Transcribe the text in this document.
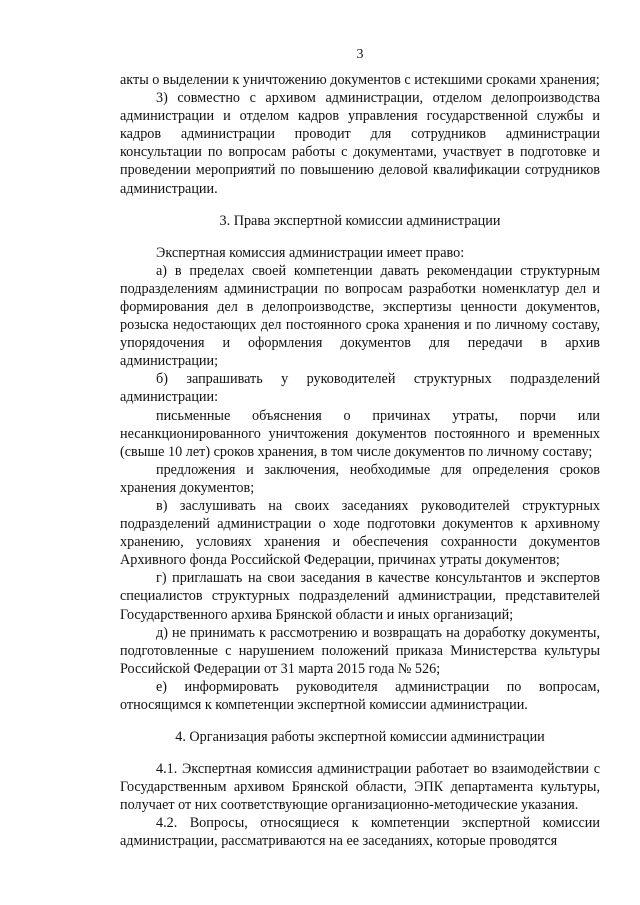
3

акты о выделении к уничтожению документов с истекшими сроками хранения;

3) совместно с архивом администрации, отделом делопроизводства администрации и отделом кадров управления государственной службы и кадров администрации проводит для сотрудников администрации консультации по вопросам работы с документами, участвует в подготовке и проведении мероприятий по повышению деловой квалификации сотрудников администрации.

3. Права экспертной комиссии администрации

Экспертная комиссия администрации имеет право:

а) в пределах своей компетенции давать рекомендации структурным подразделениям администрации по вопросам разработки номенклатур дел и формирования дел в делопроизводстве, экспертизы ценности документов, розыска недостающих дел постоянного срока хранения и по личному составу, упорядочения и оформления документов для передачи в архив администрации;

б) запрашивать у руководителей структурных подразделений администрации:

письменные объяснения о причинах утраты, порчи или несанкционированного уничтожения документов постоянного и временных (свыше 10 лет) сроков хранения, в том числе документов по личному составу;

предложения и заключения, необходимые для определения сроков хранения документов;

в) заслушивать на своих заседаниях руководителей структурных подразделений администрации о ходе подготовки документов к архивному хранению, условиях хранения и обеспечения сохранности документов Архивного фонда Российской Федерации, причинах утраты документов;

г) приглашать на свои заседания в качестве консультантов и экспертов специалистов структурных подразделений администрации, представителей Государственного архива Брянской области и иных организаций;

д) не принимать к рассмотрению и возвращать на доработку документы, подготовленные с нарушением положений приказа Министерства культуры Российской Федерации от 31 марта 2015 года № 526;

е) информировать руководителя администрации по вопросам, относящимся к компетенции экспертной комиссии администрации.

4. Организация работы экспертной комиссии администрации

4.1. Экспертная комиссия администрации работает во взаимодействии с Государственным архивом Брянской области, ЭПК департамента культуры, получает от них соответствующие организационно-методические указания.

4.2. Вопросы, относящиеся к компетенции экспертной комиссии администрации, рассматриваются на ее заседаниях, которые проводятся
